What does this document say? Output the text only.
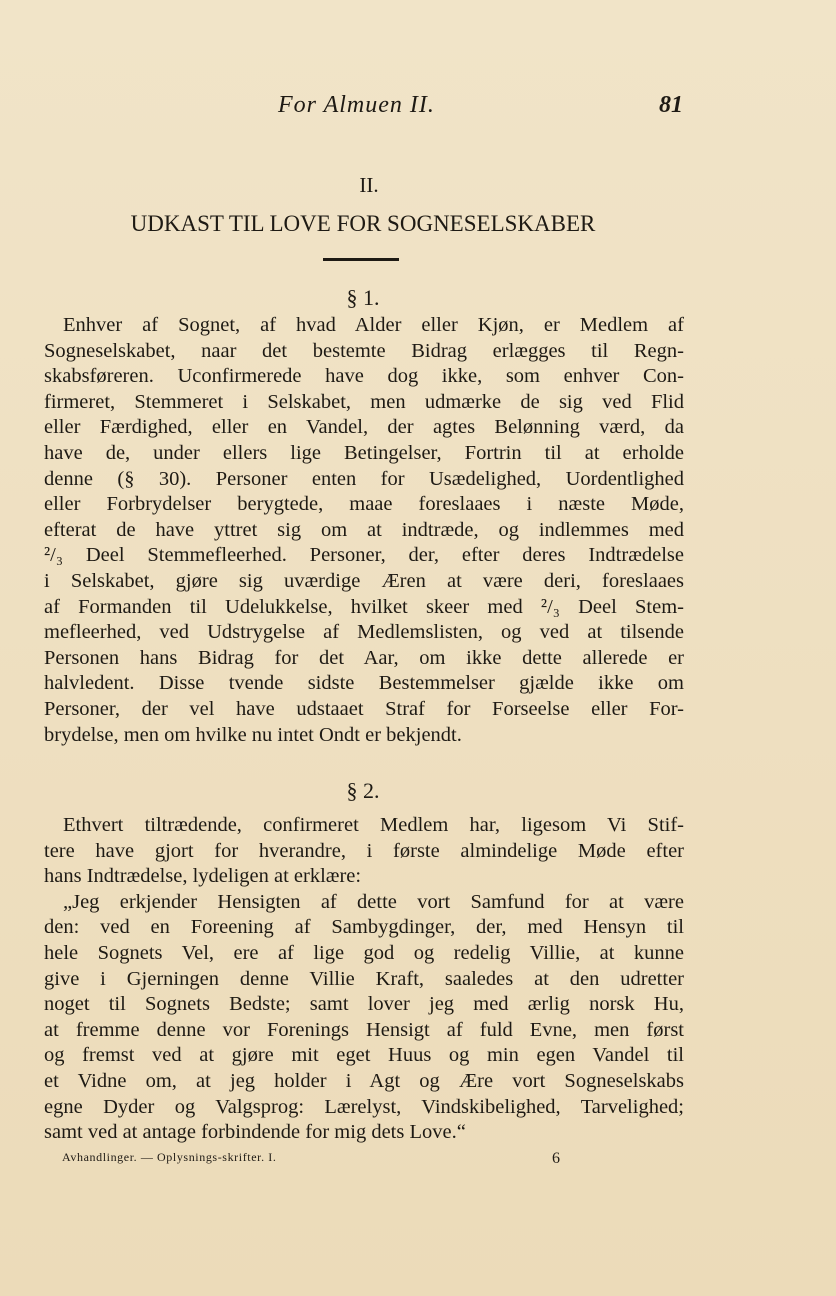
For Almuen II.	81
II.
UDKAST TIL LOVE FOR SOGNESELSKABER
§ 1.
Enhver af Sognet, af hvad Alder eller Kjøn, er Medlem af
Sogneselskabet, naar det bestemte Bidrag erlægges til Regn-
skabsføreren. Uconfirmerede have dog ikke, som enhver Con-
firmeret, Stemmeret i Selskabet, men udmærke de sig ved Flid
eller Færdighed, eller en Vandel, der agtes Belønning værd, da
have de, under ellers lige Betingelser, Fortrin til at erholde
denne (§ 30). Personer enten for Usædelighed, Uordentlighed
eller Forbrydelser berygtede, maae foreslaaes i næste Møde,
efterat de have yttret sig om at indtræde, og indlemmes med
²/₃ Deel Stemmefleerhed. Personer, der, efter deres Indtrædelse
i Selskabet, gjøre sig uværdige Æren at være deri, foreslaaes
af Formanden til Udelukkelse, hvilket skeer med ²/₃ Deel Stem-
mefleerhed, ved Udstrygelse af Medlemslisten, og ved at tilsende
Personen hans Bidrag for det Aar, om ikke dette allerede er
halvledent. Disse tvende sidste Bestemmelser gjælde ikke om
Personer, der vel have udstaaet Straf for Forseelse eller For-
brydelse, men om hvilke nu intet Ondt er bekjendt.
§ 2.
Ethvert tiltrædende, confirmeret Medlem har, ligesom Vi Stif-
tere have gjort for hverandre, i første almindelige Møde efter
hans Indtrædelse, lydeligen at erklære:
„Jeg erkjender Hensigten af dette vort Samfund for at være
den: ved en Foreening af Sambygdinger, der, med Hensyn til
hele Sognets Vel, ere af lige god og redelig Villie, at kunne
give i Gjerningen denne Villie Kraft, saaledes at den udretter
noget til Sognets Bedste; samt lover jeg med ærlig norsk Hu,
at fremme denne vor Forenings Hensigt af fuld Evne, men først
og fremst ved at gjøre mit eget Huus og min egen Vandel til
et Vidne om, at jeg holder i Agt og Ære vort Sogneselskabs
egne Dyder og Valgsprog: Lærelyst, Vindskibelighed, Tarvelighed;
samt ved at antage forbindende for mig dets Love.“
Avhandlinger. — Oplysnings-skrifter. I.	6
